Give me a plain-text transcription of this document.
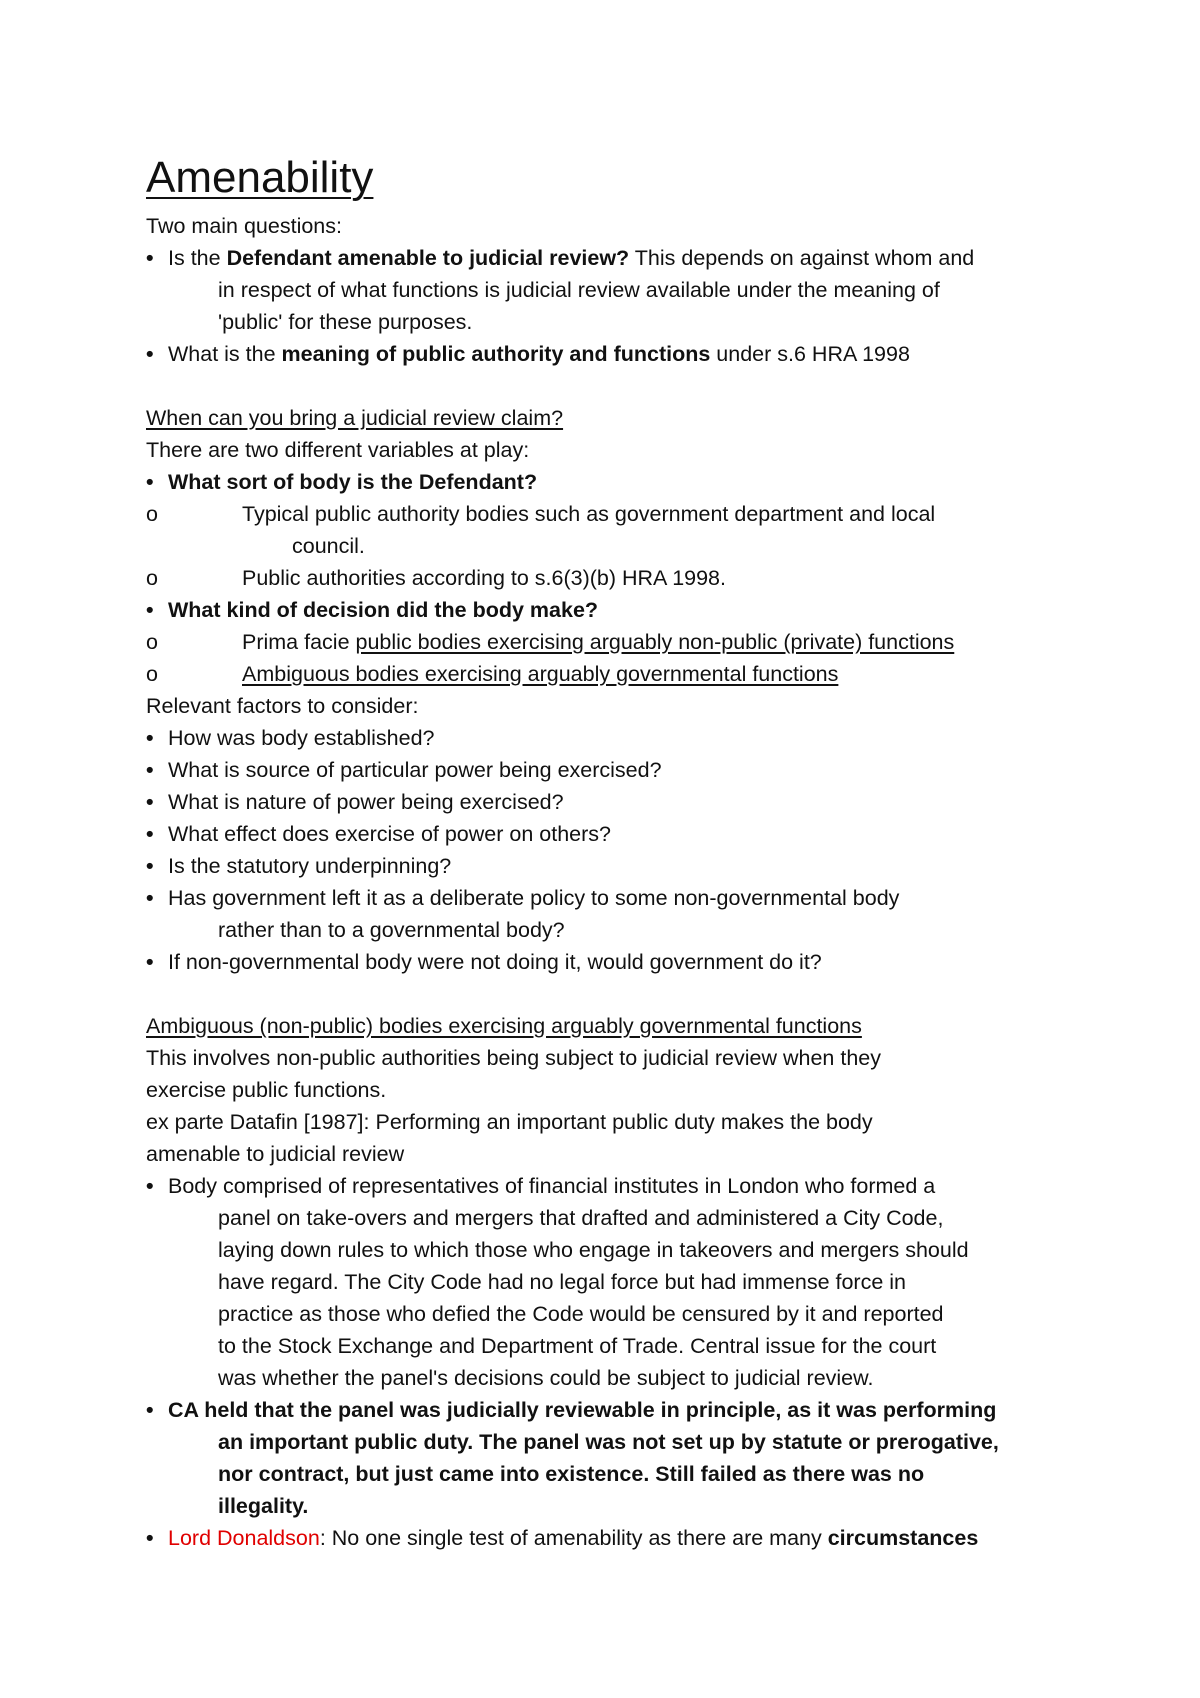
Amenability
Two main questions:
• Is the Defendant amenable to judicial review? This depends on against whom and
in respect of what functions is judicial review available under the meaning of
'public' for these purposes.
• What is the meaning of public authority and functions under s.6 HRA 1998
When can you bring a judicial review claim?
There are two different variables at play:
• What sort of body is the Defendant?
o	Typical public authority bodies such as government department and local
council.
o	Public authorities according to s.6(3)(b) HRA 1998.
• What kind of decision did the body make?
o	Prima facie public bodies exercising arguably non-public (private) functions
o	Ambiguous bodies exercising arguably governmental functions
Relevant factors to consider:
• How was body established?
• What is source of particular power being exercised?
• What is nature of power being exercised?
• What effect does exercise of power on others?
• Is the statutory underpinning?
• Has government left it as a deliberate policy to some non-governmental body
rather than to a governmental body?
• If non-governmental body were not doing it, would government do it?
Ambiguous (non-public) bodies exercising arguably governmental functions
This involves non-public authorities being subject to judicial review when they
exercise public functions.
ex parte Datafin [1987]: Performing an important public duty makes the body
amenable to judicial review
• Body comprised of representatives of financial institutes in London who formed a
panel on take-overs and mergers that drafted and administered a City Code,
laying down rules to which those who engage in takeovers and mergers should
have regard. The City Code had no legal force but had immense force in
practice as those who defied the Code would be censured by it and reported
to the Stock Exchange and Department of Trade. Central issue for the court
was whether the panel's decisions could be subject to judicial review.
• CA held that the panel was judicially reviewable in principle, as it was performing
an important public duty. The panel was not set up by statute or prerogative,
nor contract, but just came into existence. Still failed as there was no
illegality.
• Lord Donaldson: No one single test of amenability as there are many circumstances
